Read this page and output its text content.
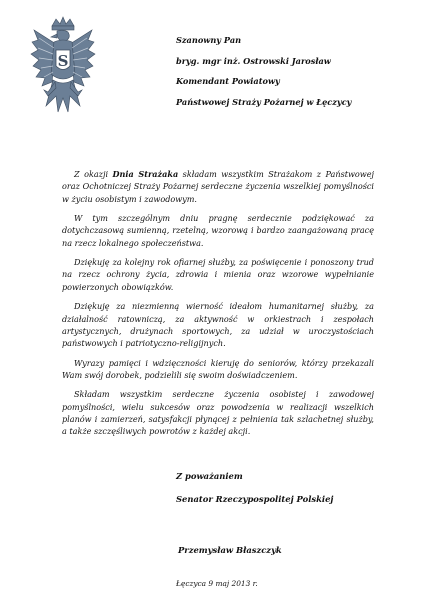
S
Szanowny Pan
bryg. mgr inż. Ostrowski Jarosław
Komendant Powiatowy
Państwowej Straży Pożarnej w Łęczycy

Z okazji Dnia Strażaka składam wszystkim Strażakom z Państwowej oraz Ochotniczej Straży Pożarnej serdeczne życzenia wszelkiej pomyślności w życiu osobistym i zawodowym.

W tym szczególnym dniu pragnę serdecznie podziękować za dotychczasową sumienną, rzetelną, wzorową i bardzo zaangażowaną pracę na rzecz lokalnego społeczeństwa.

Dziękuję za kolejny rok ofiarnej służby, za poświęcenie i ponoszony trud na rzecz ochrony życia, zdrowia i mienia oraz wzorowe wypełnianie powierzonych obowiązków.

Dziękuję za niezmienną wierność ideałom humanitarnej służby, za działalność ratowniczą, za aktywność w orkiestrach i zespołach artystycznych, drużynach sportowych, za udział w uroczystościach państwowych i patriotyczno-religijnych.

Wyrazy pamięci i wdzięczności kieruję do seniorów, którzy przekazali Wam swój dorobek, podzielili się swoim doświadczeniem.

Składam wszystkim serdeczne życzenia osobistej i zawodowej pomyślności, wielu sukcesów oraz powodzenia w realizacji wszelkich planów i zamierzeń, satysfakcji płynącej z pełnienia tak szlachetnej służby, a także szczęśliwych powrotów z każdej akcji.

Z poważaniem
Senator Rzeczypospolitej Polskiej
Przemysław Błaszczyk
Łęczyca 9 maj 2013 r.
